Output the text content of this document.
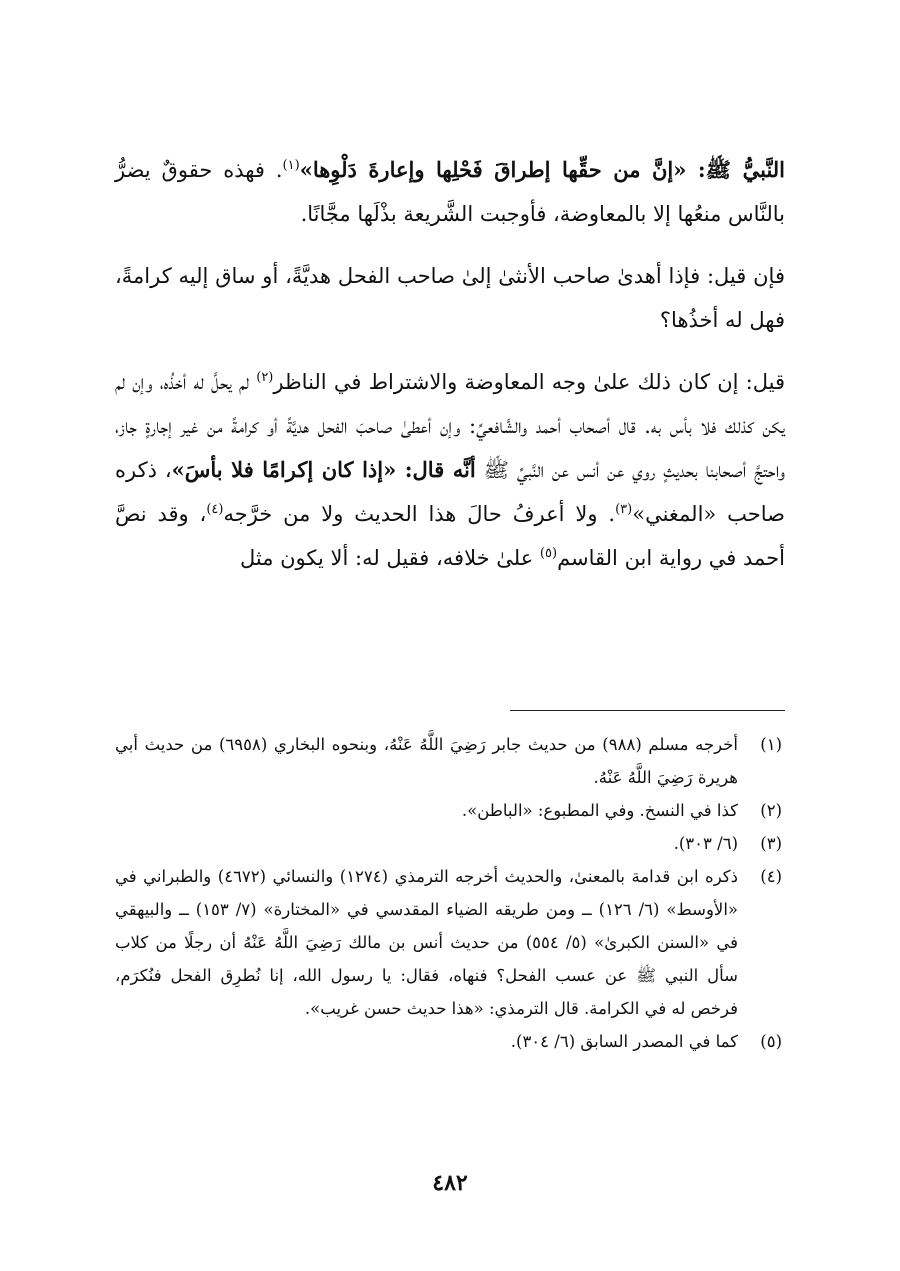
النَّبيُّ ﷺ: «إنَّ من حقِّها إطراقَ فَحْلِها وإعارةَ دَلْوِها»$^{(١)}$. فهذه حقوقٌ يضرُّ بالنَّاس منعُها إلا بالمعاوضة، فأوجبت الشَّريعة بذْلَها مجَّانًا.

فإن قيل: فإذا أهدىٰ صاحب الأنثىٰ إلىٰ صاحب الفحل هديَّةً، أو ساق إليه كرامةً، فهل له أخذُها؟

قيل: إن كان ذلك علىٰ وجه المعاوضة والاشتراط في الناظر$^{(٢)}$ لم يحلَّ له أخذُه، وإن لم يكن كذلك فلا بأس به. قال أصحاب أحمد والشَّافعيِّ: وإن أعطىٰ صاحبَ الفحل هديَّةً أو كرامةً من غير إجارةٍ جاز، واحتجَّ أصحابنا بحديثٍ روي عن أنس عن النَّبيِّ ﷺ أنَّه قال: «إذا كان إكرامًا فلا بأسَ»، ذكره صاحب «المغني»$^{(٣)}$. ولا أعرفُ حالَ هذا الحديث ولا من خرَّجه$^{(٤)}$، وقد نصَّ أحمد في رواية ابن القاسم$^{(٥)}$ علىٰ خلافه، فقيل له: ألا يكون مثل

(١)
أخرجه مسلم (٩٨٨) من حديث جابر رَضِيَ اللَّهُ عَنْهُ، وبنحوه البخاري (٦٩٥٨) من حديث أبي هريرة رَضِيَ اللَّهُ عَنْهُ.
(٢)
كذا في النسخ. وفي المطبوع: «الباطن».
(٣)
(٦/ ٣٠٣).
(٤)
ذكره ابن قدامة بالمعنىٰ، والحديث أخرجه الترمذي (١٢٧٤) والنسائي (٤٦٧٢) والطبراني في «الأوسط» (٦/ ١٢٦) ــ ومن طريقه الضياء المقدسي في «المختارة» (٧/ ١٥٣) ــ والبيهقي في «السنن الكبرىٰ» (٥/ ٥٥٤) من حديث أنس بن مالك رَضِيَ اللَّهُ عَنْهُ أن رجلًا من كلاب سأل النبي ﷺ عن عسب الفحل؟ فنهاه، فقال: يا رسول الله، إنا نُطرِق الفحل فنُكرَم، فرخص له في الكرامة. قال الترمذي: «هذا حديث حسن غريب».
(٥)
كما في المصدر السابق (٦/ ٣٠٤).
٤٨٢
